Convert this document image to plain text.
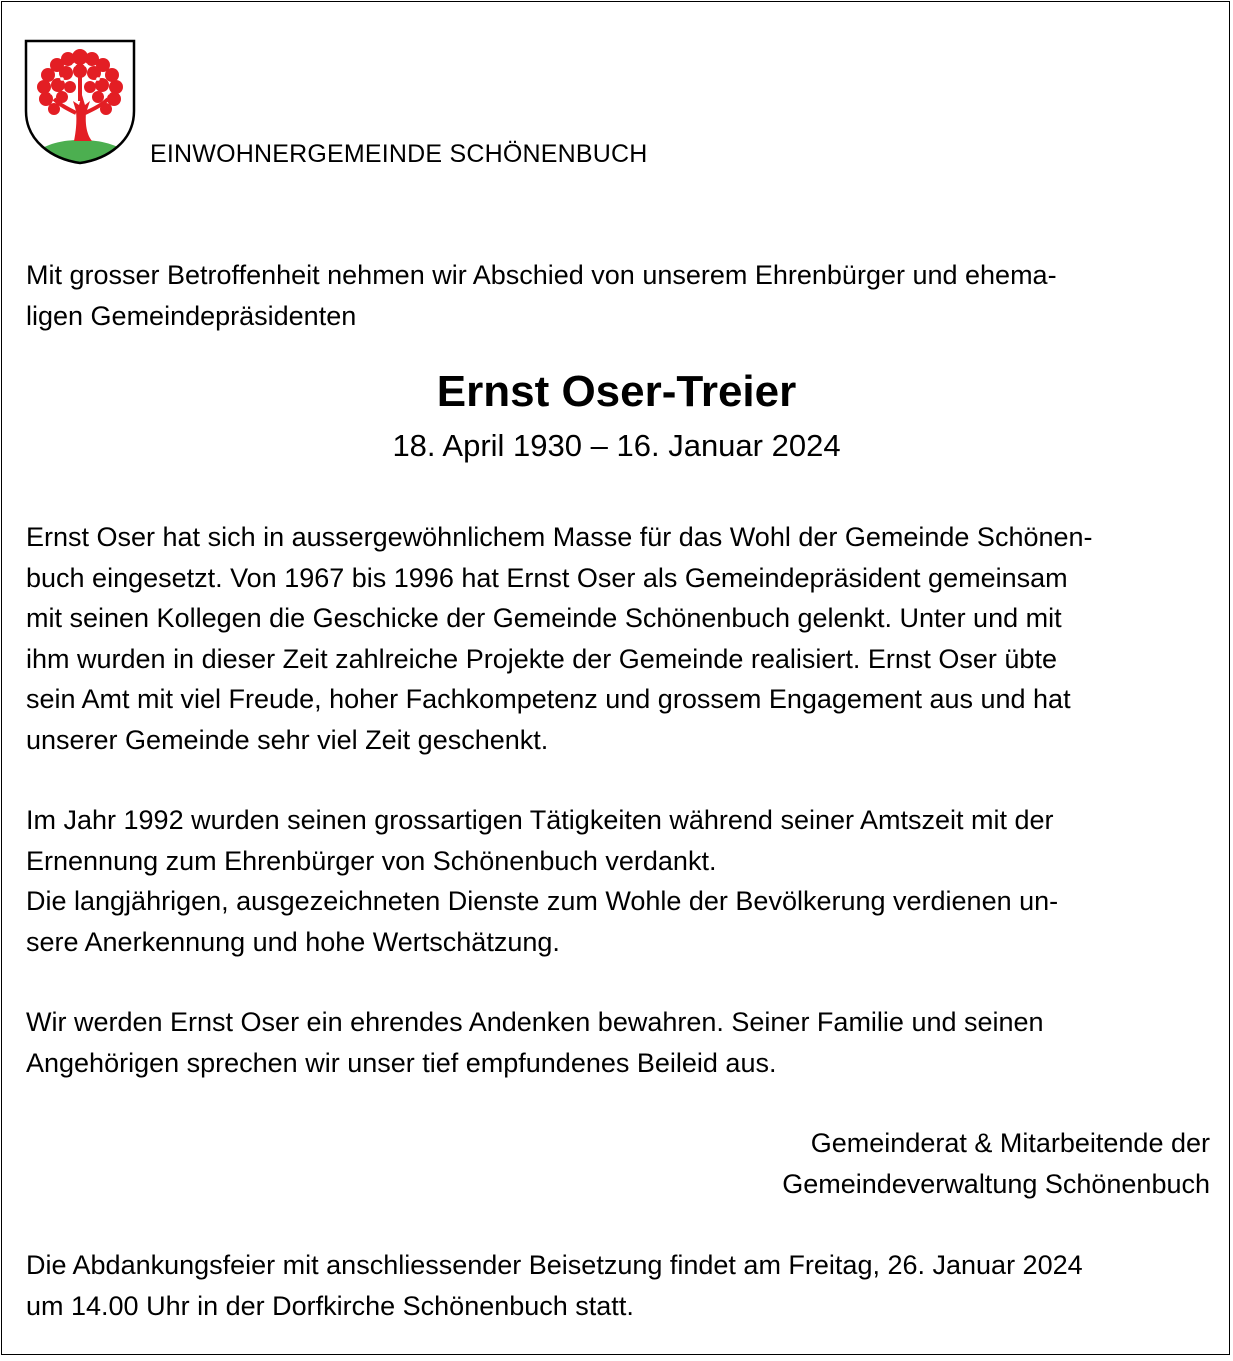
EINWOHNERGEMEINDE SCHÖNENBUCH
Mit grosser Betroffenheit nehmen wir Abschied von unserem Ehrenbürger und ehema-
ligen Gemeindepräsidenten
Ernst Oser-Treier
18. April 1930 – 16. Januar 2024
Ernst Oser hat sich in aussergewöhnlichem Masse für das Wohl der Gemeinde Schönen-
buch eingesetzt. Von 1967 bis 1996 hat Ernst Oser als Gemeindepräsident gemeinsam
mit seinen Kollegen die Geschicke der Gemeinde Schönenbuch gelenkt. Unter und mit
ihm wurden in dieser Zeit zahlreiche Projekte der Gemeinde realisiert. Ernst Oser übte
sein Amt mit viel Freude, hoher Fachkompetenz und grossem Engagement aus und hat
unserer Gemeinde sehr viel Zeit geschenkt.
Im Jahr 1992 wurden seinen grossartigen Tätigkeiten während seiner Amtszeit mit der
Ernennung zum Ehrenbürger von Schönenbuch verdankt.
Die langjährigen, ausgezeichneten Dienste zum Wohle der Bevölkerung verdienen un-
sere Anerkennung und hohe Wertschätzung.
Wir werden Ernst Oser ein ehrendes Andenken bewahren. Seiner Familie und seinen
Angehörigen sprechen wir unser tief empfundenes Beileid aus.
Gemeinderat & Mitarbeitende der
Gemeindeverwaltung Schönenbuch
Die Abdankungsfeier mit anschliessender Beisetzung findet am Freitag, 26. Januar 2024
um 14.00 Uhr in der Dorfkirche Schönenbuch statt.
